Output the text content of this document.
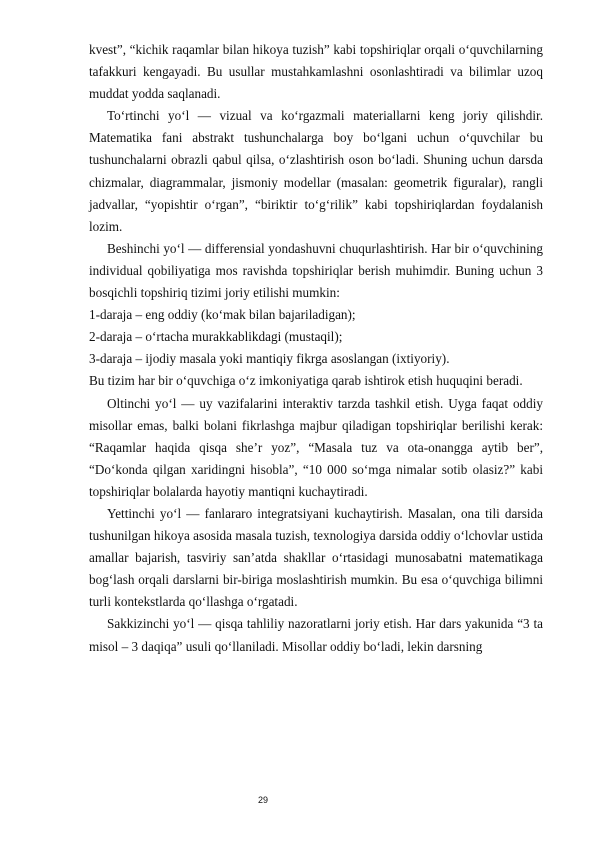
kvest”, “kichik raqamlar bilan hikoya tuzish” kabi topshiriqlar orqali o‘quvchilarning tafakkuri kengayadi. Bu usullar mustahkamlashni osonlashtiradi va bilimlar uzoq muddat yodda saqlanadi.

To‘rtinchi yo‘l — vizual va ko‘rgazmali materiallarni keng joriy qilishdir. Matematika fani abstrakt tushunchalarga boy bo‘lgani uchun o‘quvchilar bu tushunchalarni obrazli qabul qilsa, o‘zlashtirish oson bo‘ladi. Shuning uchun darsda chizmalar, diagrammalar, jismoniy modellar (masalan: geometrik figuralar), rangli jadvallar, “yopishtir o‘rgan”, “biriktir to‘g‘rilik” kabi topshiriqlardan foydalanish lozim.

Beshinchi yo‘l — differensial yondashuvni chuqurlashtirish. Har bir o‘quvchining individual qobiliyatiga mos ravishda topshiriqlar berish muhimdir. Buning uchun 3 bosqichli topshiriq tizimi joriy etilishi mumkin:

1-daraja – eng oddiy (ko‘mak bilan bajariladigan);

2-daraja – o‘rtacha murakkablikdagi (mustaqil);

3-daraja – ijodiy masala yoki mantiqiy fikrga asoslangan (ixtiyoriy).

Bu tizim har bir o‘quvchiga o‘z imkoniyatiga qarab ishtirok etish huquqini beradi.

Oltinchi yo‘l — uy vazifalarini interaktiv tarzda tashkil etish. Uyga faqat oddiy misollar emas, balki bolani fikrlashga majbur qiladigan topshiriqlar berilishi kerak: “Raqamlar haqida qisqa she’r yoz”, “Masala tuz va ota-onangga aytib ber”, “Do‘konda qilgan xaridingni hisobla”, “10 000 so‘mga nimalar sotib olasiz?” kabi topshiriqlar bolalarda hayotiy mantiqni kuchaytiradi.

Yettinchi yo‘l — fanlararo integratsiyani kuchaytirish. Masalan, ona tili darsida tushunilgan hikoya asosida masala tuzish, texnologiya darsida oddiy o‘lchovlar ustida amallar bajarish, tasviriy san’atda shakllar o‘rtasidagi munosabatni matematikaga bog‘lash orqali darslarni bir-biriga moslashtirish mumkin. Bu esa o‘quvchiga bilimni turli kontekstlarda qo‘llashga o‘rgatadi.

Sakkizinchi yo‘l — qisqa tahliliy nazoratlarni joriy etish. Har dars yakunida “3 ta misol – 3 daqiqa” usuli qo‘llaniladi. Misollar oddiy bo‘ladi, lekin darsning

29
